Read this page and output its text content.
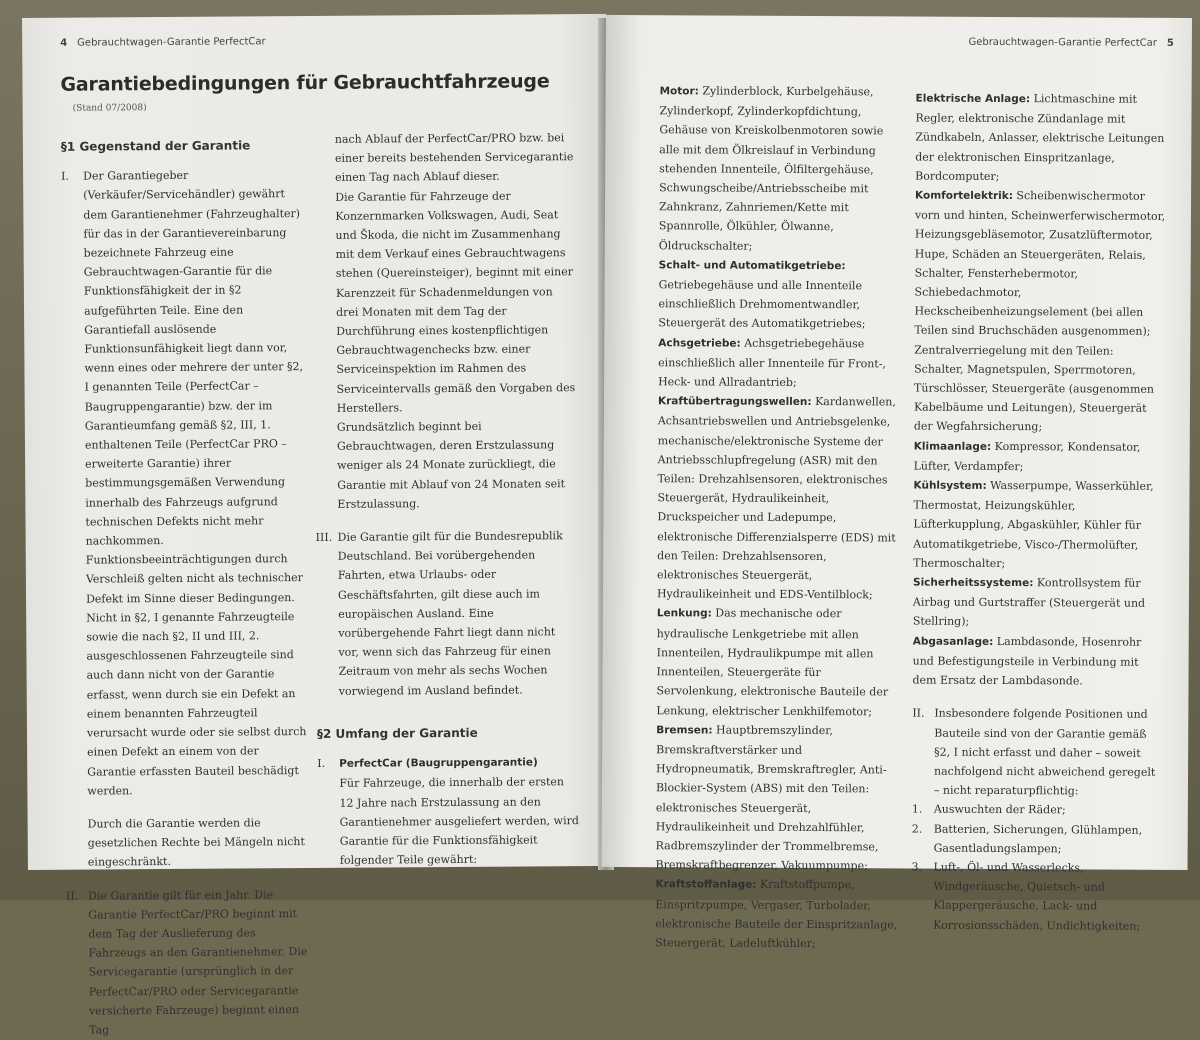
4 Gebrauchtwagen-Garantie PerfectCar
Garantiebedingungen für Gebrauchtfahrzeuge
(Stand 07/2008)
§1 Gegenstand der Garantie
I.	Der Garantiegeber (Verkäufer/Servicehändler) gewährt dem Garantienehmer (Fahrzeughalter) für das in der Garantievereinbarung bezeichnete Fahrzeug eine Gebrauchtwagen-Garantie für die Funktionsfähigkeit der in §2 aufgeführten Teile. Eine den Garantiefall auslösende Funktionsunfähigkeit liegt dann vor, wenn eines oder mehrere der unter §2, I genannten Teile (PerfectCar – Baugruppengarantie) bzw. der im Garantieumfang gemäß §2, III, 1. enthaltenen Teile (PerfectCar PRO – erweiterte Garantie) ihrer bestimmungsgemäßen Verwendung innerhalb des Fahrzeugs aufgrund technischen Defekts nicht mehr nachkommen. Funktionsbeeinträchtigungen durch Verschleiß gelten nicht als technischer Defekt im Sinne dieser Bedingungen. Nicht in §2, I genannte Fahrzeugteile sowie die nach §2, II und III, 2. ausgeschlossenen Fahrzeugteile sind auch dann nicht von der Garantie erfasst, wenn durch sie ein Defekt an einem benannten Fahrzeugteil verursacht wurde oder sie selbst durch einen Defekt an einem von der Garantie erfassten Bauteil beschädigt werden.
Durch die Garantie werden die gesetzlichen Rechte bei Mängeln nicht eingeschränkt.
II. Die Garantie gilt für ein Jahr. Die Garantie PerfectCar/PRO beginnt mit dem Tag der Auslieferung des Fahrzeugs an den Garantienehmer. Die Servicegarantie (ursprünglich in der PerfectCar/PRO oder Servicegarantie versicherte Fahrzeuge) beginnt einen Tag

nach Ablauf der PerfectCar/PRO bzw. bei einer bereits bestehenden Servicegarantie einen Tag nach Ablauf dieser.

Die Garantie für Fahrzeuge der Konzernmarken Volkswagen, Audi, Seat und Škoda, die nicht im Zusammenhang mit dem Verkauf eines Gebrauchtwagens stehen (Quereinsteiger), beginnt mit einer Karenzzeit für Schadenmeldungen von drei Monaten mit dem Tag der Durchführung eines kostenpflichtigen Gebrauchtwagenchecks bzw. einer Serviceinspektion im Rahmen des Serviceintervalls gemäß den Vorgaben des Herstellers.

Grundsätzlich beginnt bei Gebrauchtwagen, deren Erstzulassung weniger als 24 Monate zurückliegt, die Garantie mit Ablauf von 24 Monaten seit Erstzulassung.

III. Die Garantie gilt für die Bundesrepublik Deutschland. Bei vorübergehenden Fahrten, etwa Urlaubs- oder Geschäftsfahrten, gilt diese auch im europäischen Ausland. Eine vorübergehende Fahrt liegt dann nicht vor, wenn sich das Fahrzeug für einen Zeitraum von mehr als sechs Wochen vorwiegend im Ausland befindet.
§2 Umfang der Garantie
I.	PerfectCar (Baugruppengarantie)
Für Fahrzeuge, die innerhalb der ersten 12 Jahre nach Erstzulassung an den Garantienehmer ausgeliefert werden, wird Garantie für die Funktionsfähigkeit folgender Teile gewährt:
Gebrauchtwagen-Garantie PerfectCar 5

Motor: Zylinderblock, Kurbelgehäuse, Zylinderkopf, Zylinderkopfdichtung, Gehäuse von Kreiskolbenmotoren sowie alle mit dem Ölkreislauf in Verbindung stehenden Innenteile, Ölfiltergehäuse, Schwungscheibe/Antriebsscheibe mit Zahnkranz, Zahnriemen/Kette mit Spannrolle, Ölkühler, Ölwanne, Öldruckschalter;

Schalt- und Automatikgetriebe: Getriebegehäuse und alle Innenteile einschließlich Drehmomentwandler, Steuergerät des Automatikgetriebes;

Achsgetriebe: Achsgetriebegehäuse einschließlich aller Innenteile für Front-, Heck- und Allradantrieb;

Kraftübertragungswellen: Kardanwellen, Achsantriebswellen und Antriebsgelenke, mechanische/elektronische Systeme der Antriebsschlupfregelung (ASR) mit den Teilen: Drehzahlsensoren, elektronisches Steuergerät, Hydraulikeinheit, Druckspeicher und Ladepumpe, elektronische Differenzialsperre (EDS) mit den Teilen: Drehzahlsensoren, elektronisches Steuergerät, Hydraulikeinheit und EDS-Ventilblock;

Lenkung: Das mechanische oder hydraulische Lenkgetriebe mit allen Innenteilen, Hydraulikpumpe mit allen Innenteilen, Steuergeräte für Servolenkung, elektronische Bauteile der Lenkung, elektrischer Lenkhilfemotor;

Bremsen: Hauptbremszylinder, Bremskraftverstärker und Hydropneumatik, Bremskraftregler, Anti-Blockier-System (ABS) mit den Teilen: elektronisches Steuergerät, Hydraulikeinheit und Drehzahlfühler, Radbremszylinder der Trommelbremse, Bremskraftbegrenzer, Vakuumpumpe;

Kraftstoffanlage: Kraftstoffpumpe, Einspritzpumpe, Vergaser, Turbolader, elektronische Bauteile der Einspritzanlage, Steuergerät, Ladeluftkühler;

Elektrische Anlage: Lichtmaschine mit Regler, elektronische Zündanlage mit Zündkabeln, Anlasser, elektrische Leitungen der elektronischen Einspritzanlage, Bordcomputer;

Komfortelektrik: Scheibenwischermotor vorn und hinten, Scheinwerferwischermotor, Heizungsgebläsemotor, Zusatzlüftermotor, Hupe, Schäden an Steuergeräten, Relais, Schalter, Fensterhebermotor, Schiebedachmotor, Heckscheibenheizungselement (bei allen Teilen sind Bruchschäden ausgenommen); Zentralverriegelung mit den Teilen: Schalter, Magnetspulen, Sperrmotoren, Türschlösser, Steuergeräte (ausgenommen Kabelbäume und Leitungen), Steuergerät der Wegfahrsicherung;

Klimaanlage: Kompressor, Kondensator, Lüfter, Verdampfer;

Kühlsystem: Wasserpumpe, Wasserkühler, Thermostat, Heizungskühler, Lüfterkupplung, Abgaskühler, Kühler für Automatikgetriebe, Visco-/Thermolüfter, Thermoschalter;

Sicherheitssysteme: Kontrollsystem für Airbag und Gurtstraffer (Steuergerät und Stellring);

Abgasanlage: Lambdasonde, Hosenrohr und Befestigungsteile in Verbindung mit dem Ersatz der Lambdasonde.

II. Insbesondere folgende Positionen und Bauteile sind von der Garantie gemäß §2, I nicht erfasst und daher – soweit nachfolgend nicht abweichend geregelt – nicht reparaturpflichtig:
1.	Auswuchten der Räder;
2.	Batterien, Sicherungen, Glühlampen, Gasentladungslampen;
3.	Luft-, Öl- und Wasserlecks, Windgeräusche, Quietsch- und Klappergeräusche, Lack- und Korrosionsschäden, Undichtigkeiten;
